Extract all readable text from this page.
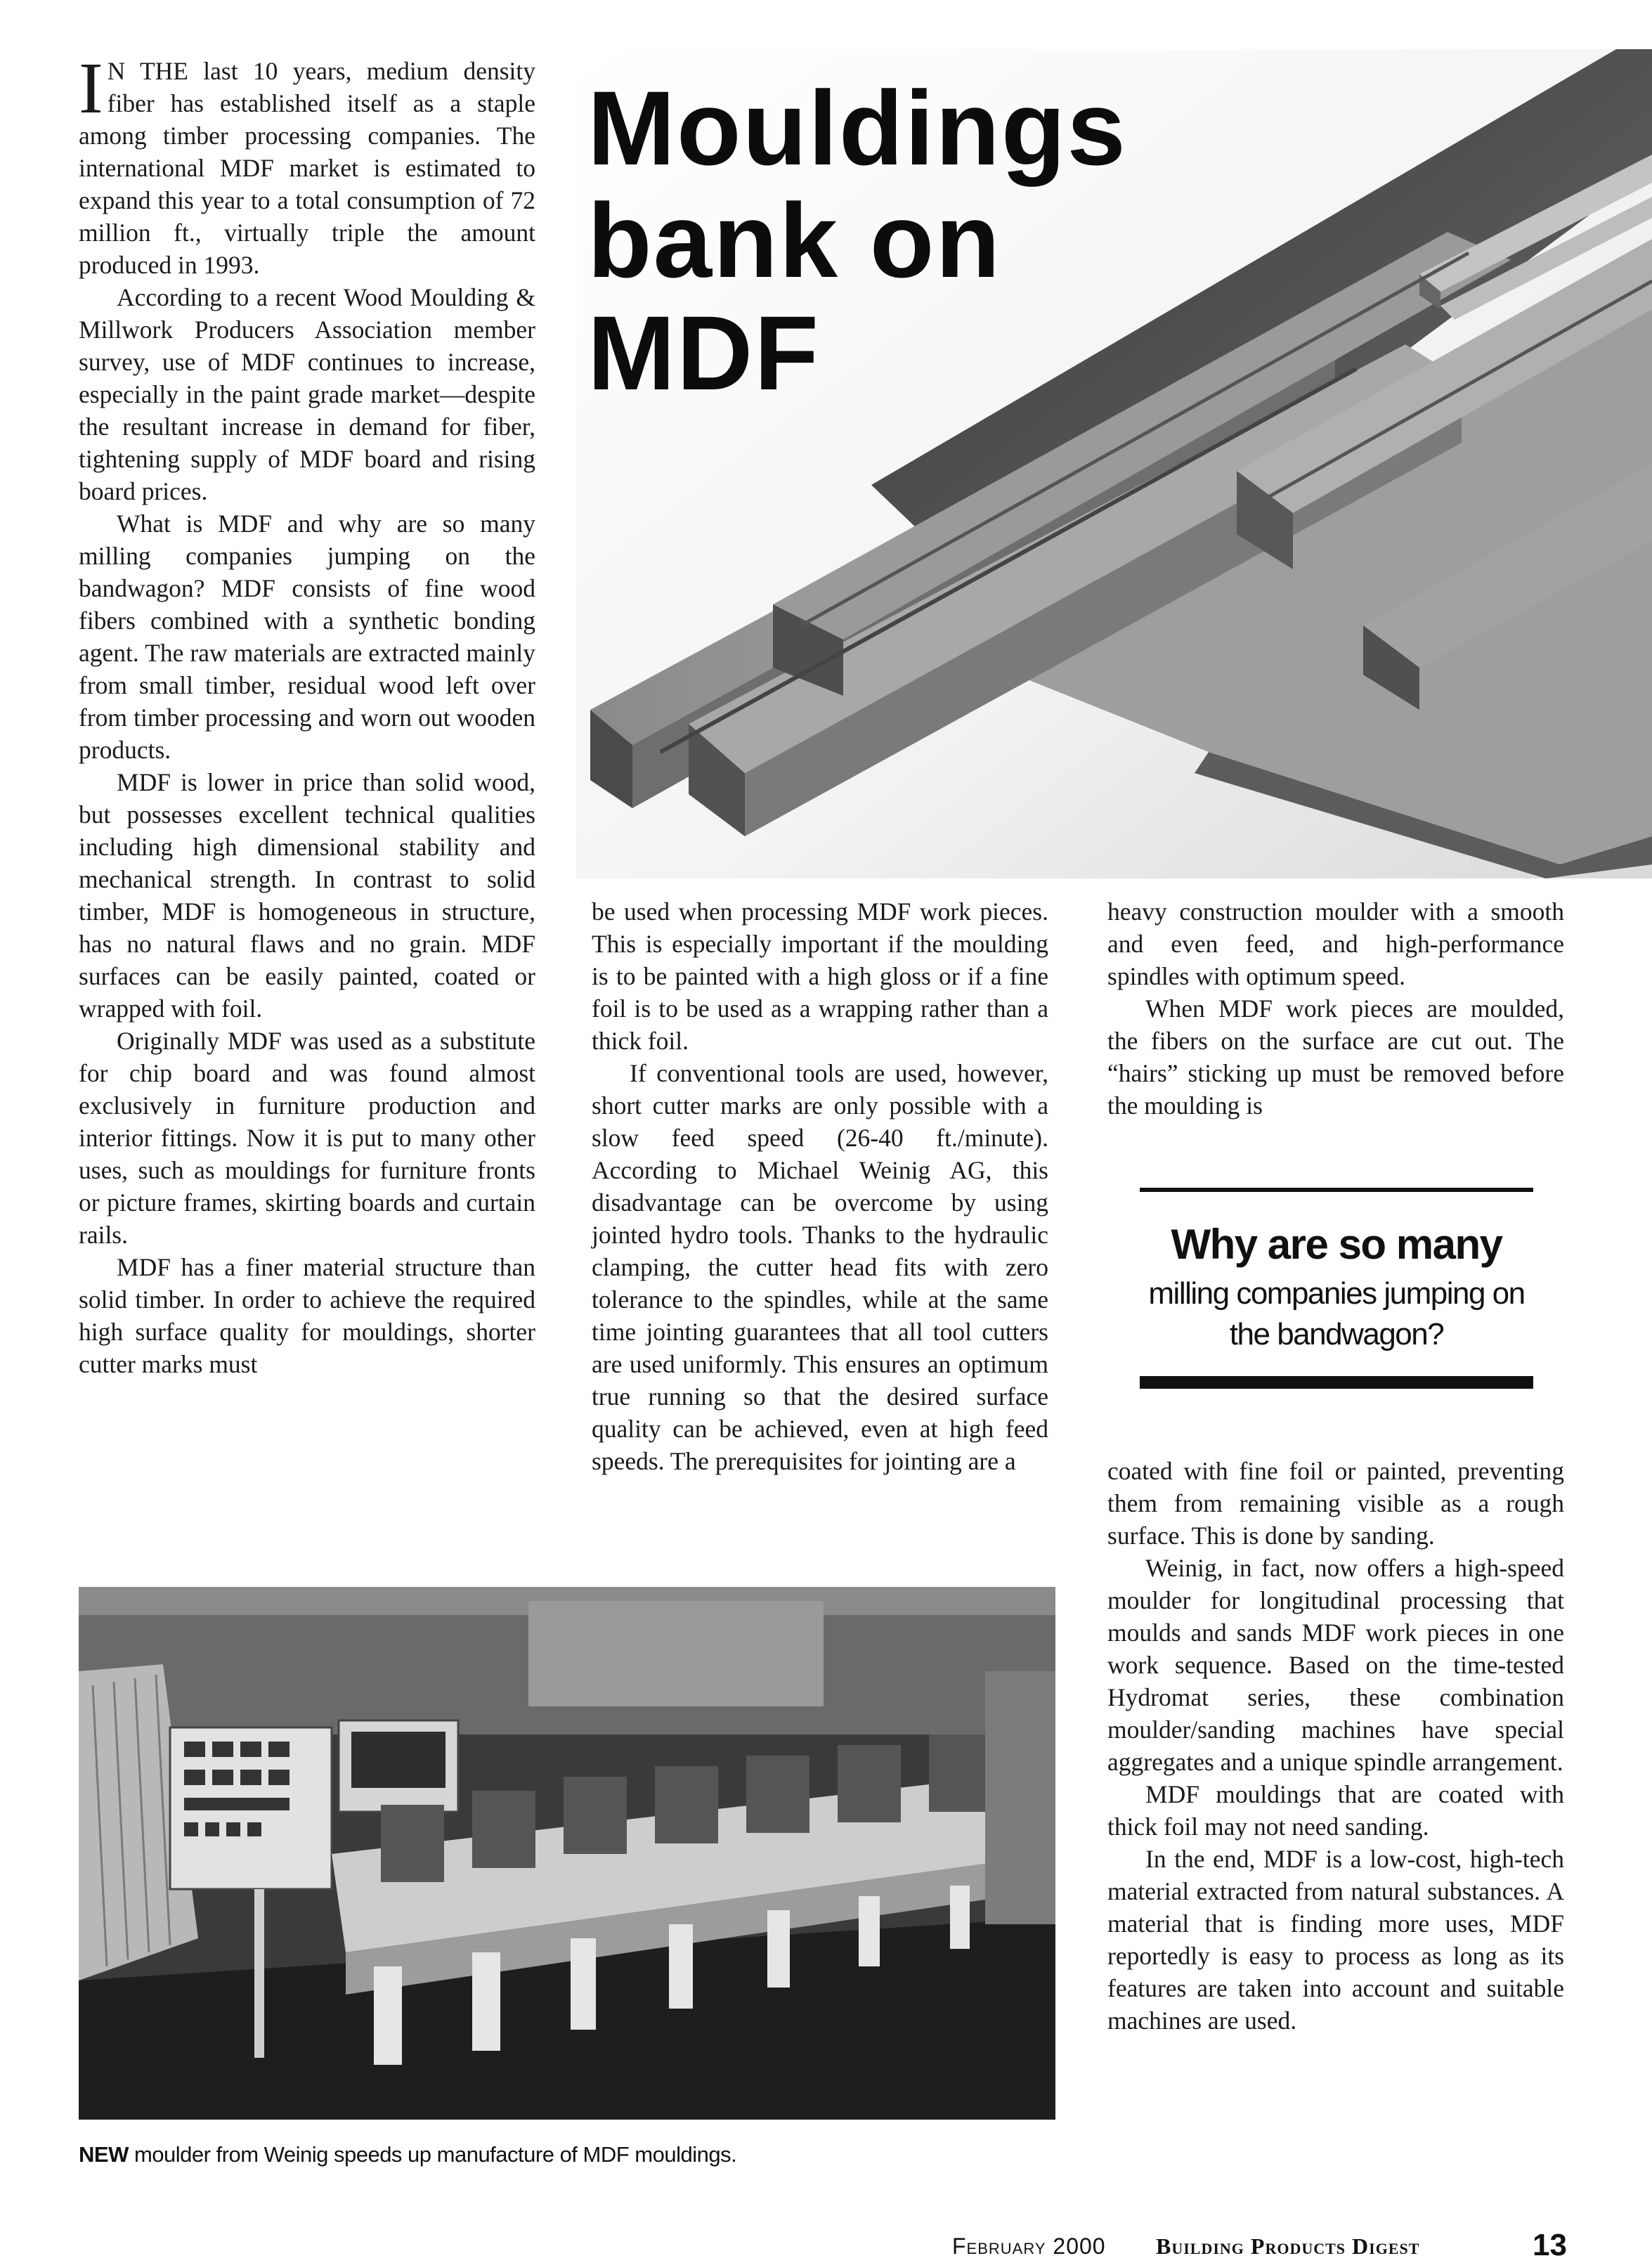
Mouldings
bank on
MDF

I N THE last 10 years, medium density fiber has established itself as a staple among timber processing companies. The international MDF market is estimated to expand this year to a total consumption of 72 million ft., virtually triple the amount produced in 1993.

According to a recent Wood Moulding & Millwork Producers Association member survey, use of MDF continues to increase, especially in the paint grade market—despite the resultant increase in demand for fiber, tightening supply of MDF board and rising board prices.

What is MDF and why are so many milling companies jumping on the bandwagon? MDF consists of fine wood fibers combined with a synthetic bonding agent. The raw materials are extracted mainly from small timber, residual wood left over from timber processing and worn out wooden products.

MDF is lower in price than solid wood, but possesses excellent technical qualities including high dimensional stability and mechanical strength. In contrast to solid timber, MDF is homogeneous in structure, has no natural flaws and no grain. MDF surfaces can be easily painted, coated or wrapped with foil.

Originally MDF was used as a substitute for chip board and was found almost exclusively in furniture production and interior fittings. Now it is put to many other uses, such as mouldings for furniture fronts or picture frames, skirting boards and curtain rails.

MDF has a finer material structure than solid timber. In order to achieve the required high surface quality for mouldings, shorter cutter marks must

be used when processing MDF work pieces. This is especially important if the moulding is to be painted with a high gloss or if a fine foil is to be used as a wrapping rather than a thick foil.

If conventional tools are used, however, short cutter marks are only possible with a slow feed speed (26-40 ft./minute). According to Michael Weinig AG, this disadvantage can be overcome by using jointed hydro tools. Thanks to the hydraulic clamping, the cutter head fits with zero tolerance to the spindles, while at the same time jointing guarantees that all tool cutters are used uniformly. This ensures an optimum true running so that the desired surface quality can be achieved, even at high feed speeds. The prerequisites for jointing are a

heavy construction moulder with a smooth and even feed, and high-performance spindles with optimum speed.

When MDF work pieces are moulded, the fibers on the surface are cut out. The “hairs” sticking up must be removed before the moulding is

Why are so many
milling companies jumping on the bandwagon?

coated with fine foil or painted, preventing them from remaining visible as a rough surface. This is done by sanding.

Weinig, in fact, now offers a high-speed moulder for longitudinal processing that moulds and sands MDF work pieces in one work sequence. Based on the time-tested Hydromat series, these combination moulder/sanding machines have special aggregates and a unique spindle arrangement.

MDF mouldings that are coated with thick foil may not need sanding.

In the end, MDF is a low-cost, high-tech material extracted from natural substances. A material that is finding more uses, MDF reportedly is easy to process as long as its features are taken into account and suitable machines are used.

NEW moulder from Weinig speeds up manufacture of MDF mouldings.
February 2000 Building Products Digest	13
